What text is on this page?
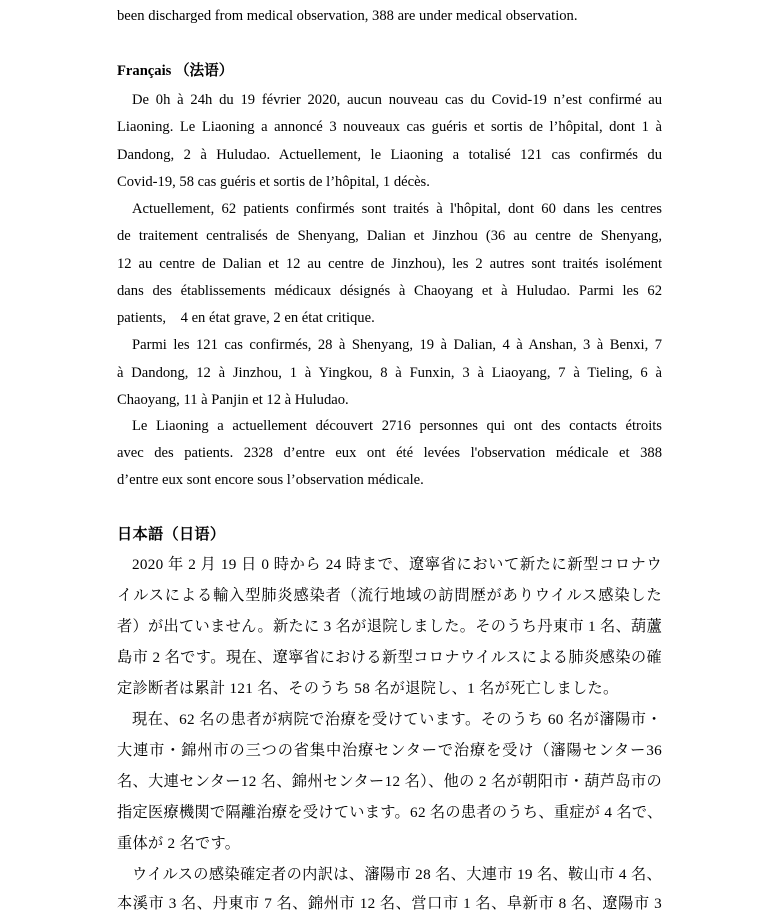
been discharged from medical observation, 388 are under medical observation.
Français （法语）
De 0h à 24h du 19 février 2020, aucun nouveau cas du Covid-19 n’est confirmé au
Liaoning. Le Liaoning a annoncé 3 nouveaux cas guéris et sortis de l’hôpital, dont 1 à
Dandong, 2 à Huludao. Actuellement, le Liaoning a totalisé 121 cas confirmés du
Covid-19, 58 cas guéris et sortis de l’hôpital, 1 décès.
Actuellement, 62 patients confirmés sont traités à l'hôpital, dont 60 dans les centres
de traitement centralisés de Shenyang, Dalian et Jinzhou (36 au centre de Shenyang,
12 au centre de Dalian et 12 au centre de Jinzhou), les 2 autres sont traités isolément
dans des établissements médicaux désignés à Chaoyang et à Huludao. Parmi les 62
patients,    4 en état grave, 2 en état critique.
Parmi les 121 cas confirmés, 28 à Shenyang, 19 à Dalian, 4 à Anshan, 3 à Benxi, 7
à Dandong, 12 à Jinzhou, 1 à Yingkou, 8 à Funxin, 3 à Liaoyang, 7 à Tieling, 6 à
Chaoyang, 11 à Panjin et 12 à Huludao.
Le Liaoning a actuellement découvert 2716 personnes qui ont des contacts étroits
avec des patients. 2328 d’entre eux ont été levées l'observation médicale et 388
d’entre eux sont encore sous l’observation médicale.
日本語（日语）
2020 年 2 月 19 日 0 時から 24 時まで、遼寧省において新たに新型コロナウ
イルスによる輸入型肺炎感染者（流行地域の訪問歴がありウイルス感染した
者）が出ていません。新たに 3 名が退院しました。そのうち丹東市 1 名、葫蘆
島市 2 名です。現在、遼寧省における新型コロナウイルスによる肺炎感染の確
定診断者は累計 121 名、そのうち 58 名が退院し、1 名が死亡しました。
現在、62 名の患者が病院で治療を受けています。そのうち 60 名が瀋陽市・
大連市・錦州市の三つの省集中治療センターで治療を受け（瀋陽センター36
名、大連センター12 名、錦州センター12 名）、他の 2 名が朝阳市・葫芦岛市の
指定医療機関で隔離治療を受けています。62 名の患者のうち、重症が 4 名で、
重体が 2 名です。
ウイルスの感染確定者の内訳は、瀋陽市 28 名、大連市 19 名、鞍山市 4 名、
本溪市 3 名、丹東市 7 名、錦州市 12 名、営口市 1 名、阜新市 8 名、遼陽市 3
